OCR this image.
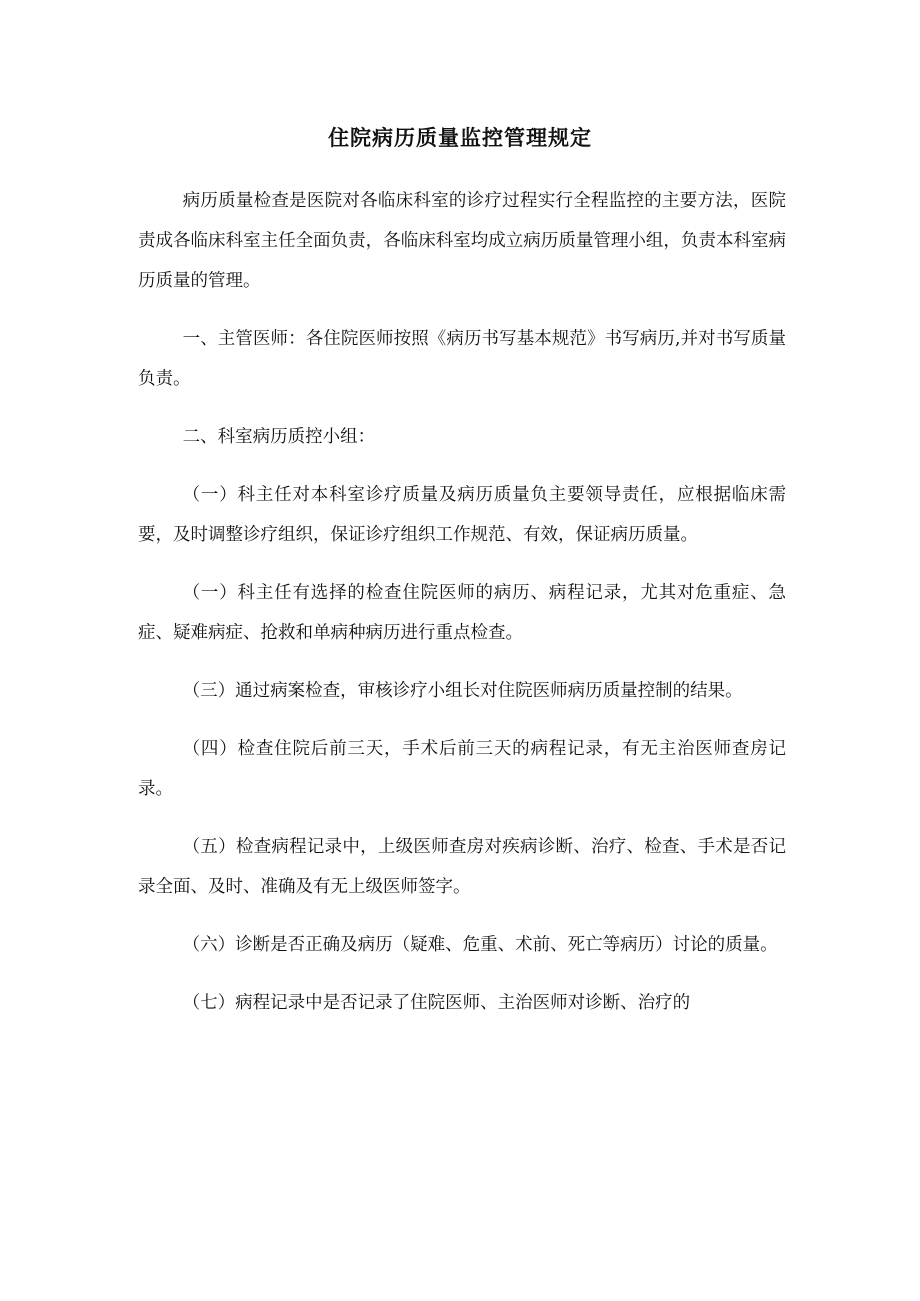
住院病历质量监控管理规定

病历质量检查是医院对各临床科室的诊疗过程实行全程监控的主要方法，医院责成各临床科室主任全面负责，各临床科室均成立病历质量管理小组，负责本科室病历质量的管理。

一、主管医师：各住院医师按照《病历书写基本规范》书写病历,并对书写质量负责。

二、科室病历质控小组：

（一）科主任对本科室诊疗质量及病历质量负主要领导责任，应根据临床需要，及时调整诊疗组织，保证诊疗组织工作规范、有效，保证病历质量。

（一）科主任有选择的检查住院医师的病历、病程记录，尤其对危重症、急症、疑难病症、抢救和单病种病历进行重点检查。

（三）通过病案检查，审核诊疗小组长对住院医师病历质量控制的结果。

（四）检查住院后前三天，手术后前三天的病程记录，有无主治医师查房记录。

（五）检查病程记录中，上级医师查房对疾病诊断、治疗、检查、手术是否记录全面、及时、准确及有无上级医师签字。

（六）诊断是否正确及病历（疑难、危重、术前、死亡等病历）讨论的质量。

（七）病程记录中是否记录了住院医师、主治医师对诊断、治疗的
